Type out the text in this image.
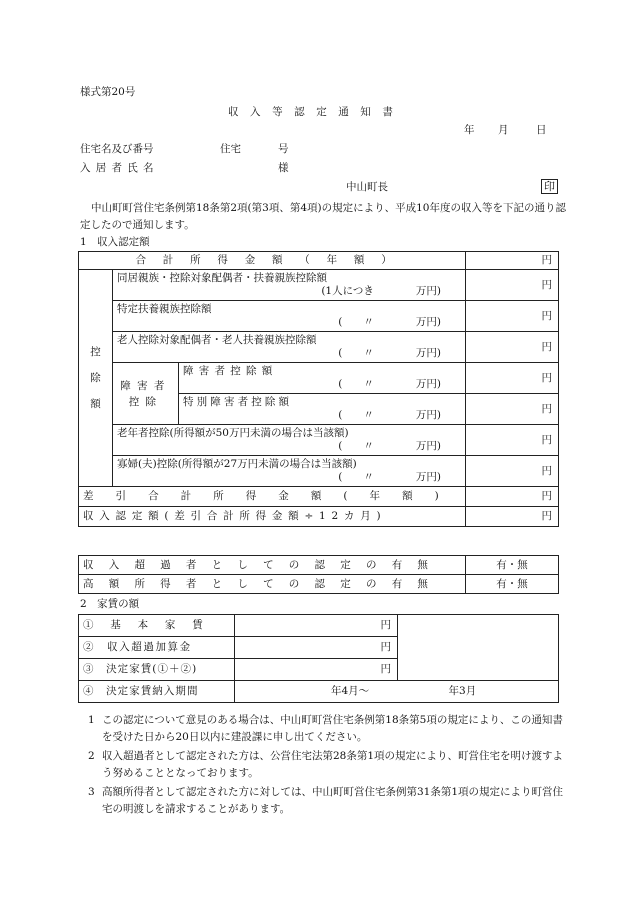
様式第20号
収入等認定通知書
年 月	日
住宅名及び番号	住宅	号
入居者氏名	様
中山町長	印
中山町町営住宅条例第18条第2項(第3項、第4項)の規定により、平成10年度の収入等を下記の通り認定したので通知します。
1　収入認定額
合計所得金額（年額）			円
控
除
額	同居親族・控除対象配偶者・扶養親族控除額
(1人につき　　　　万円)		円
	特定扶養親族控除額
(　　〃　　　　万円)		円
	老人控除対象配偶者・老人扶養親族控除額
(　　〃　　　　万円)		円
	障害者控除	障害者控除額
(　　〃　　　　万円)	円
		特別障害者控除額
(　　〃　　　　万円)	円
	老年者控除(所得額が50万円未満の場合は当該額)
(　　〃　　　　万円)		円
	寡婦(夫)控除(所得額が27万円未満の場合は当該額)
(　　〃　　　　万円)		円
差引合計所得金額(年額)			円
収入認定額(差引合計所得金額÷12カ月)			円
収入超過者としての認定の有無	有・無
高額所得者としての認定の有無	有・無
2　家賃の額
①　基　本　家　賃	円	
②　収入超過加算金	円	
③　決定家賃(①＋②)	円	
④　決定家賃納入期間	年4月～ 年3月	
1 この認定について意見のある場合は、中山町町営住宅条例第18条第5項の規定により、この通知書を受けた日から20日以内に建設課に申し出てください。
2 収入超過者として認定された方は、公営住宅法第28条第1項の規定により、町営住宅を明け渡すよう努めることとなっております。
3 高額所得者として認定された方に対しては、中山町町営住宅条例第31条第1項の規定により町営住宅の明渡しを請求することがあります。
